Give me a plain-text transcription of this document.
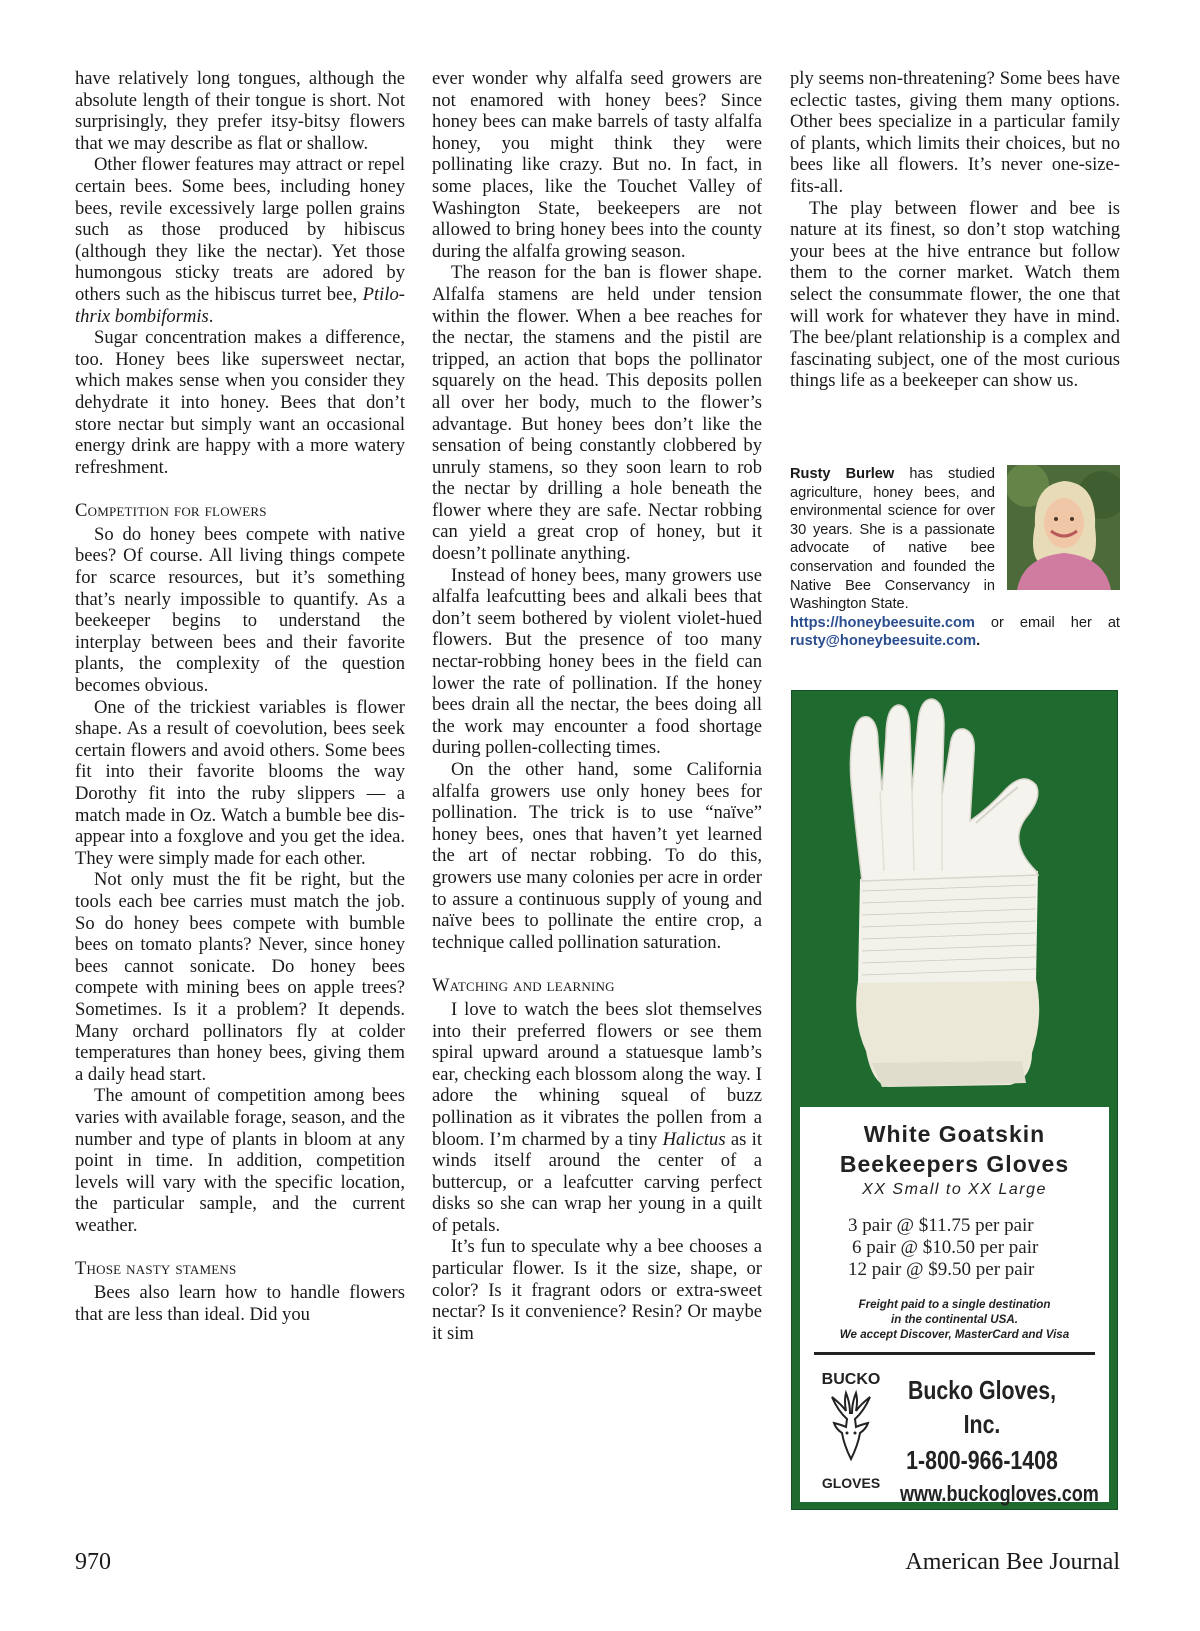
have relatively long tongues, although the absolute length of their tongue is short. Not surprisingly, they prefer itsy-bitsy flowers that we may describe as flat or shallow.

Other flower features may attract or repel certain bees. Some bees, including honey bees, revile excessively large pollen grains such as those produced by hibiscus (although they like the nectar). Yet those humongous sticky treats are adored by others such as the hibiscus turret bee, Ptilothrix bombiformis.

Sugar concentration makes a difference, too. Honey bees like supersweet nectar, which makes sense when you consider they dehydrate it into honey. Bees that don’t store nectar but simply want an occasional energy drink are happy with a more watery refreshment.

Competition for flowers

So do honey bees compete with native bees? Of course. All living things compete for scarce resources, but it’s something that’s nearly impossible to quantify. As a beekeeper begins to understand the interplay between bees and their favorite plants, the complexity of the question becomes obvious.

One of the trickiest variables is flower shape. As a result of coevolution, bees seek certain flowers and avoid others. Some bees fit into their favorite blooms the way Dorothy fit into the ruby slippers — a match made in Oz. Watch a bumble bee disappear into a foxglove and you get the idea. They were simply made for each other.

Not only must the fit be right, but the tools each bee carries must match the job. So do honey bees compete with bumble bees on tomato plants? Never, since honey bees cannot sonicate. Do honey bees compete with mining bees on apple trees? Sometimes. Is it a problem? It depends. Many orchard pollinators fly at colder temperatures than honey bees, giving them a daily head start.

The amount of competition among bees varies with available forage, season, and the number and type of plants in bloom at any point in time. In addition, competition levels will vary with the specific location, the particular sample, and the current weather.

Those nasty stamens

Bees also learn how to handle flowers that are less than ideal. Did you

ever wonder why alfalfa seed growers are not enamored with honey bees? Since honey bees can make barrels of tasty alfalfa honey, you might think they were pollinating like crazy. But no. In fact, in some places, like the Touchet Valley of Washington State, beekeepers are not allowed to bring honey bees into the county during the alfalfa growing season.

The reason for the ban is flower shape. Alfalfa stamens are held under tension within the flower. When a bee reaches for the nectar, the stamens and the pistil are tripped, an action that bops the pollinator squarely on the head. This deposits pollen all over her body, much to the flower’s advantage. But honey bees don’t like the sensation of being constantly clobbered by unruly stamens, so they soon learn to rob the nectar by drilling a hole beneath the flower where they are safe. Nectar robbing can yield a great crop of honey, but it doesn’t pollinate anything.

Instead of honey bees, many growers use alfalfa leafcutting bees and alkali bees that don’t seem bothered by violent violet-hued flowers. But the presence of too many nectar-robbing honey bees in the field can lower the rate of pollination. If the honey bees drain all the nectar, the bees doing all the work may encounter a food shortage during pollen-collecting times.

On the other hand, some California alfalfa growers use only honey bees for pollination. The trick is to use “naïve” honey bees, ones that haven’t yet learned the art of nectar robbing. To do this, growers use many colonies per acre in order to assure a continuous supply of young and naïve bees to pollinate the entire crop, a technique called pollination saturation.

Watching and learning

I love to watch the bees slot themselves into their preferred flowers or see them spiral upward around a statuesque lamb’s ear, checking each blossom along the way. I adore the whining squeal of buzz pollination as it vibrates the pollen from a bloom. I’m charmed by a tiny Halictus as it winds itself around the center of a buttercup, or a leafcutter carving perfect disks so she can wrap her young in a quilt of petals.

It’s fun to speculate why a bee chooses a particular flower. Is it the size, shape, or color? Is it fragrant odors or extra-sweet nectar? Is it convenience? Resin? Or maybe it sim

ply seems non-threatening? Some bees have eclectic tastes, giving them many options. Other bees specialize in a particular family of plants, which limits their choices, but no bees like all flowers. It’s never one-size-fits-all.

The play between flower and bee is nature at its finest, so don’t stop watching your bees at the hive entrance but follow them to the corner market. Watch them select the consummate flower, the one that will work for whatever they have in mind. The bee/plant relationship is a complex and fascinating subject, one of the most curious things life as a beekeeper can show us.

Rusty Burlew has studied agriculture, honey bees, and environmental science for over 30 years. She is a passionate advocate of native bee conservation and founded the Native Bee Conservancy in Washington State.
https://honeybeesuite.com or email her at rusty@honeybeesuite.com.
White Goatskin
Beekeepers Gloves
XX Small to XX Large
3 pair @ $11.75 per pair
6 pair @ $10.50 per pair
12 pair @ $9.50 per pair
Freight paid to a single destination
in the continental USA.
We accept Discover, MasterCard and Visa
BUCKO
GLOVES
Bucko Gloves, Inc.
1-800-966-1408
www.buckogloves.com
970	American Bee Journal
